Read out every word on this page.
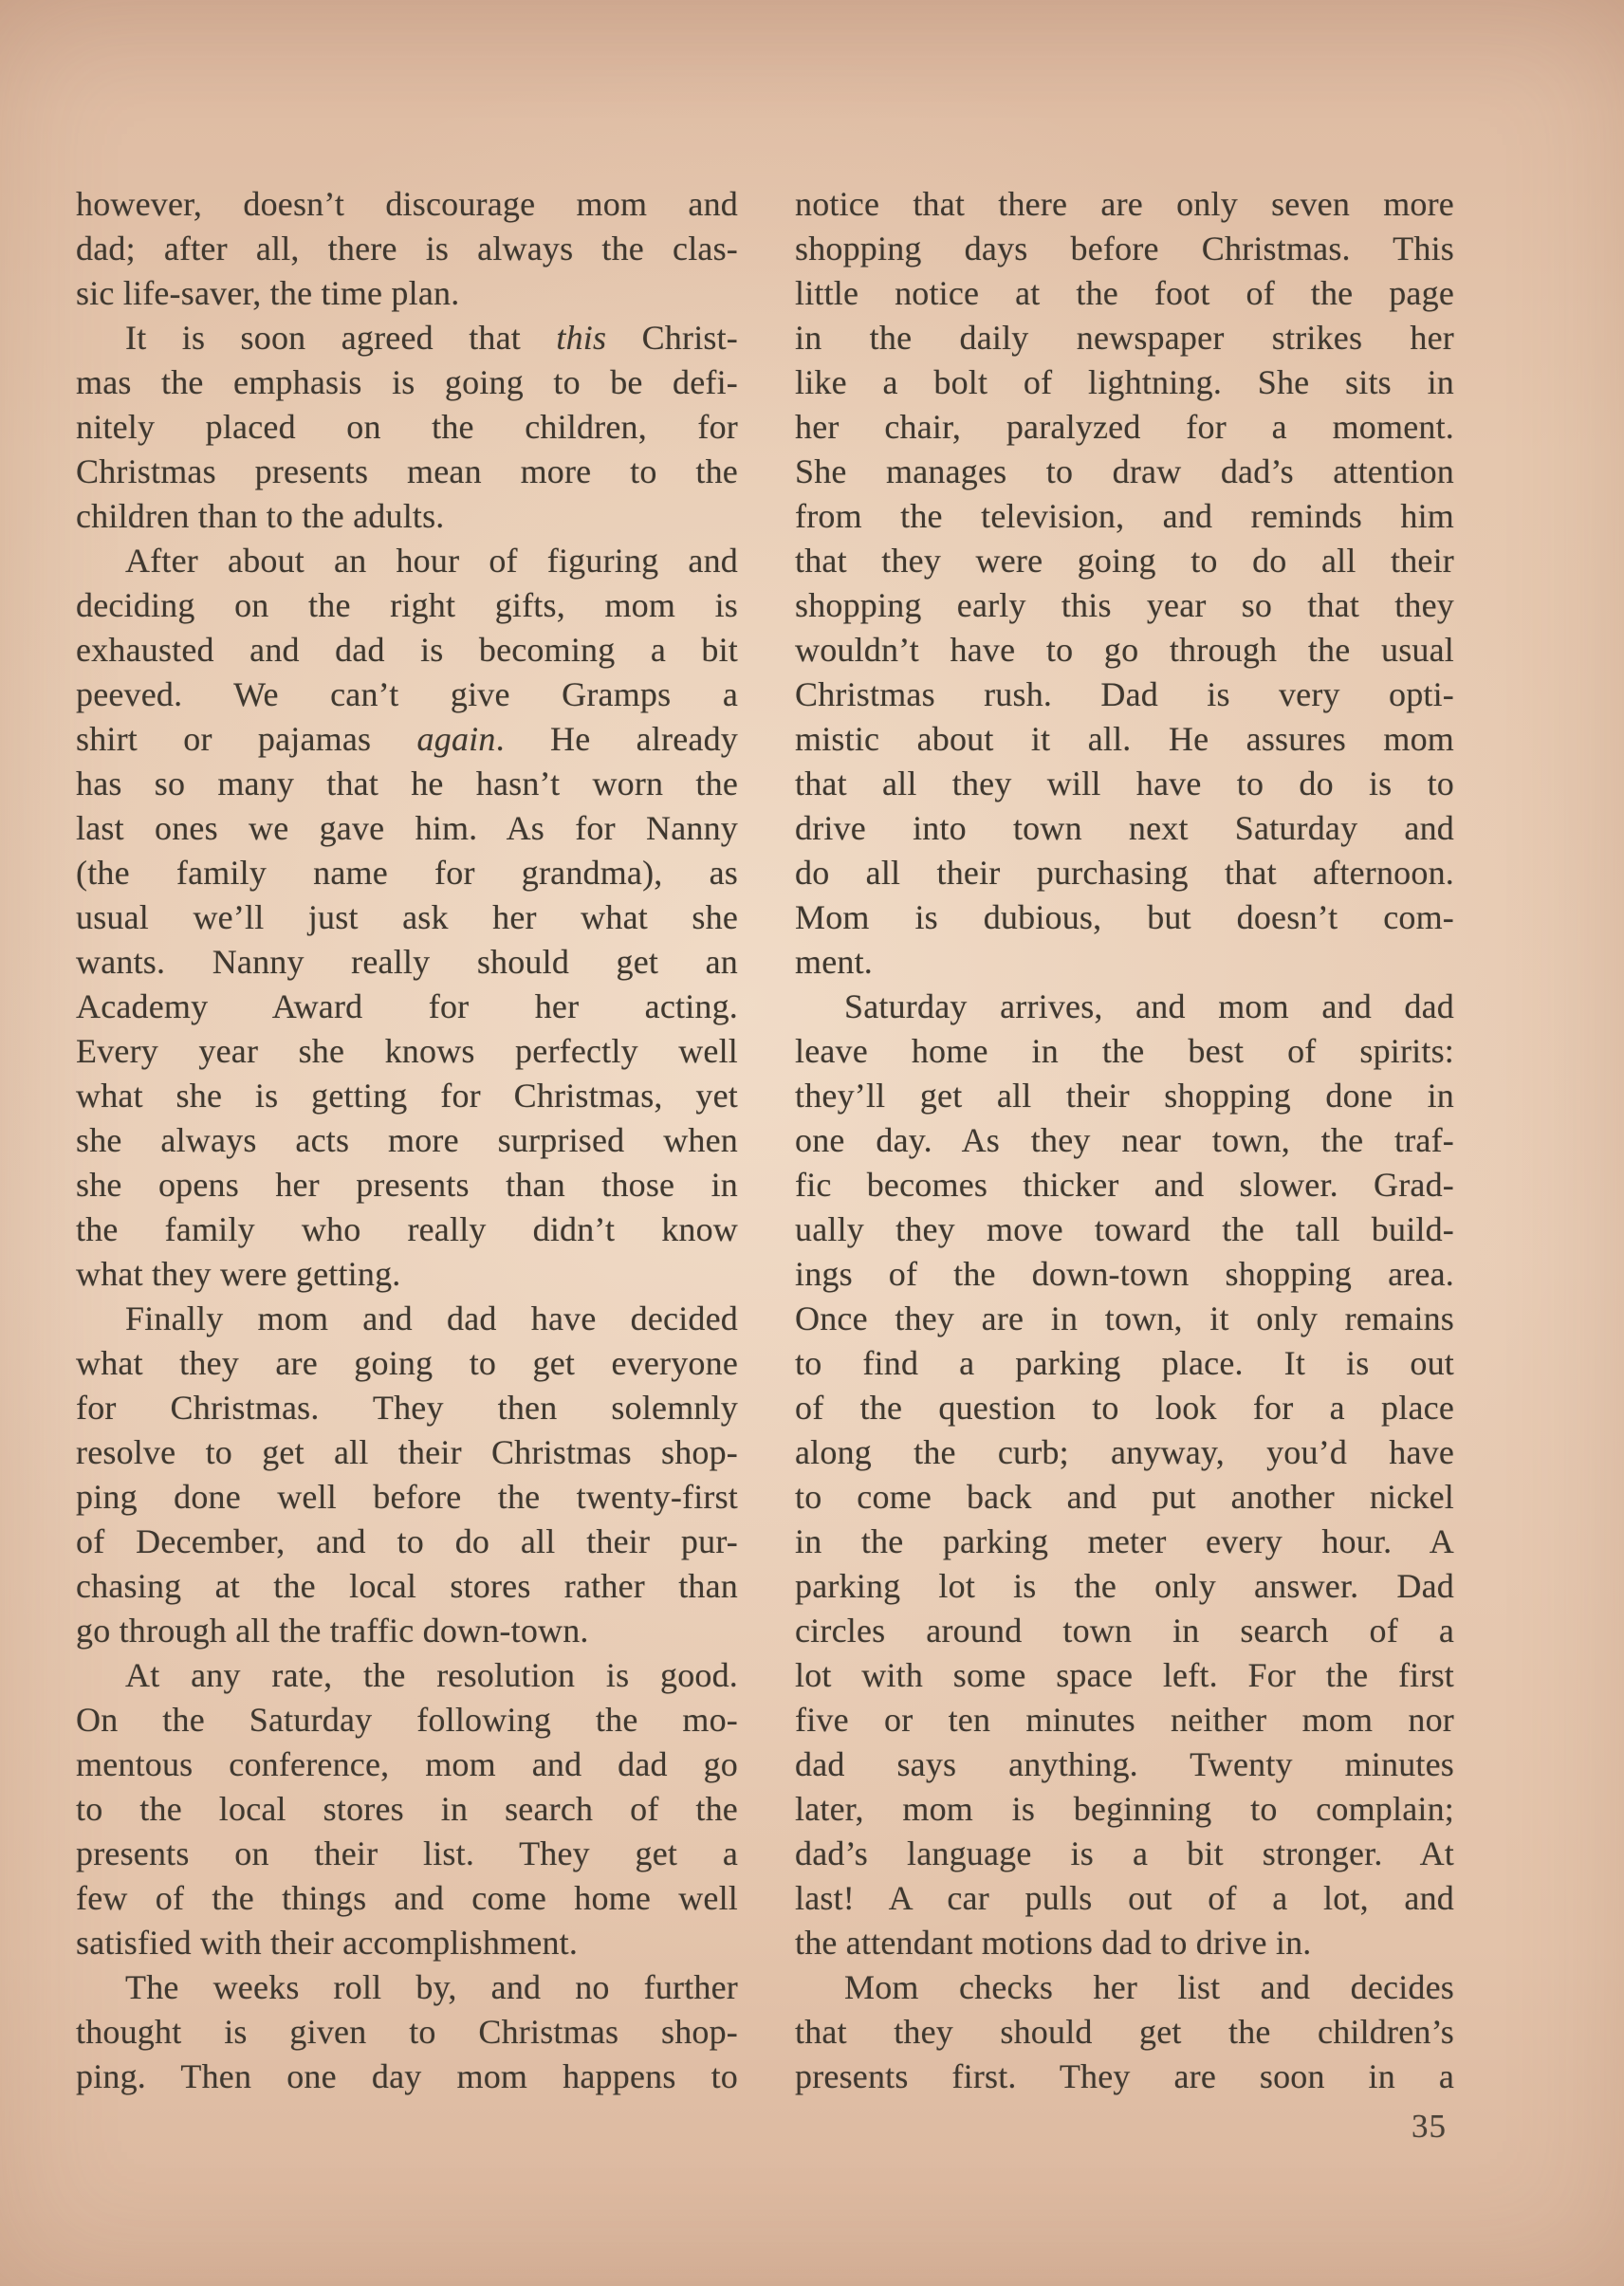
however, doesn’t discourage mom and
dad; after all, there is always the clas-
sic life-saver, the time plan.
It is soon agreed that this Christ-
mas the emphasis is going to be defi-
nitely placed on the children, for
Christmas presents mean more to the
children than to the adults.
After about an hour of figuring and
deciding on the right gifts, mom is
exhausted and dad is becoming a bit
peeved. We can’t give Gramps a
shirt or pajamas again. He already
has so many that he hasn’t worn the
last ones we gave him. As for Nanny
(the family name for grandma), as
usual we’ll just ask her what she
wants. Nanny really should get an
Academy Award for her acting.
Every year she knows perfectly well
what she is getting for Christmas, yet
she always acts more surprised when
she opens her presents than those in
the family who really didn’t know
what they were getting.
Finally mom and dad have decided
what they are going to get everyone
for Christmas. They then solemnly
resolve to get all their Christmas shop-
ping done well before the twenty-first
of December, and to do all their pur-
chasing at the local stores rather than
go through all the traffic down-town.
At any rate, the resolution is good.
On the Saturday following the mo-
mentous conference, mom and dad go
to the local stores in search of the
presents on their list. They get a
few of the things and come home well
satisfied with their accomplishment.
The weeks roll by, and no further
thought is given to Christmas shop-
ping. Then one day mom happens to
notice that there are only seven more
shopping days before Christmas. This
little notice at the foot of the page
in the daily newspaper strikes her
like a bolt of lightning. She sits in
her chair, paralyzed for a moment.
She manages to draw dad’s attention
from the television, and reminds him
that they were going to do all their
shopping early this year so that they
wouldn’t have to go through the usual
Christmas rush. Dad is very opti-
mistic about it all. He assures mom
that all they will have to do is to
drive into town next Saturday and
do all their purchasing that afternoon.
Mom is dubious, but doesn’t com-
ment.
Saturday arrives, and mom and dad
leave home in the best of spirits:
they’ll get all their shopping done in
one day. As they near town, the traf-
fic becomes thicker and slower. Grad-
ually they move toward the tall build-
ings of the down-town shopping area.
Once they are in town, it only remains
to find a parking place. It is out
of the question to look for a place
along the curb; anyway, you’d have
to come back and put another nickel
in the parking meter every hour. A
parking lot is the only answer. Dad
circles around town in search of a
lot with some space left. For the first
five or ten minutes neither mom nor
dad says anything. Twenty minutes
later, mom is beginning to complain;
dad’s language is a bit stronger. At
last! A car pulls out of a lot, and
the attendant motions dad to drive in.
Mom checks her list and decides
that they should get the children’s
presents first. They are soon in a
35
